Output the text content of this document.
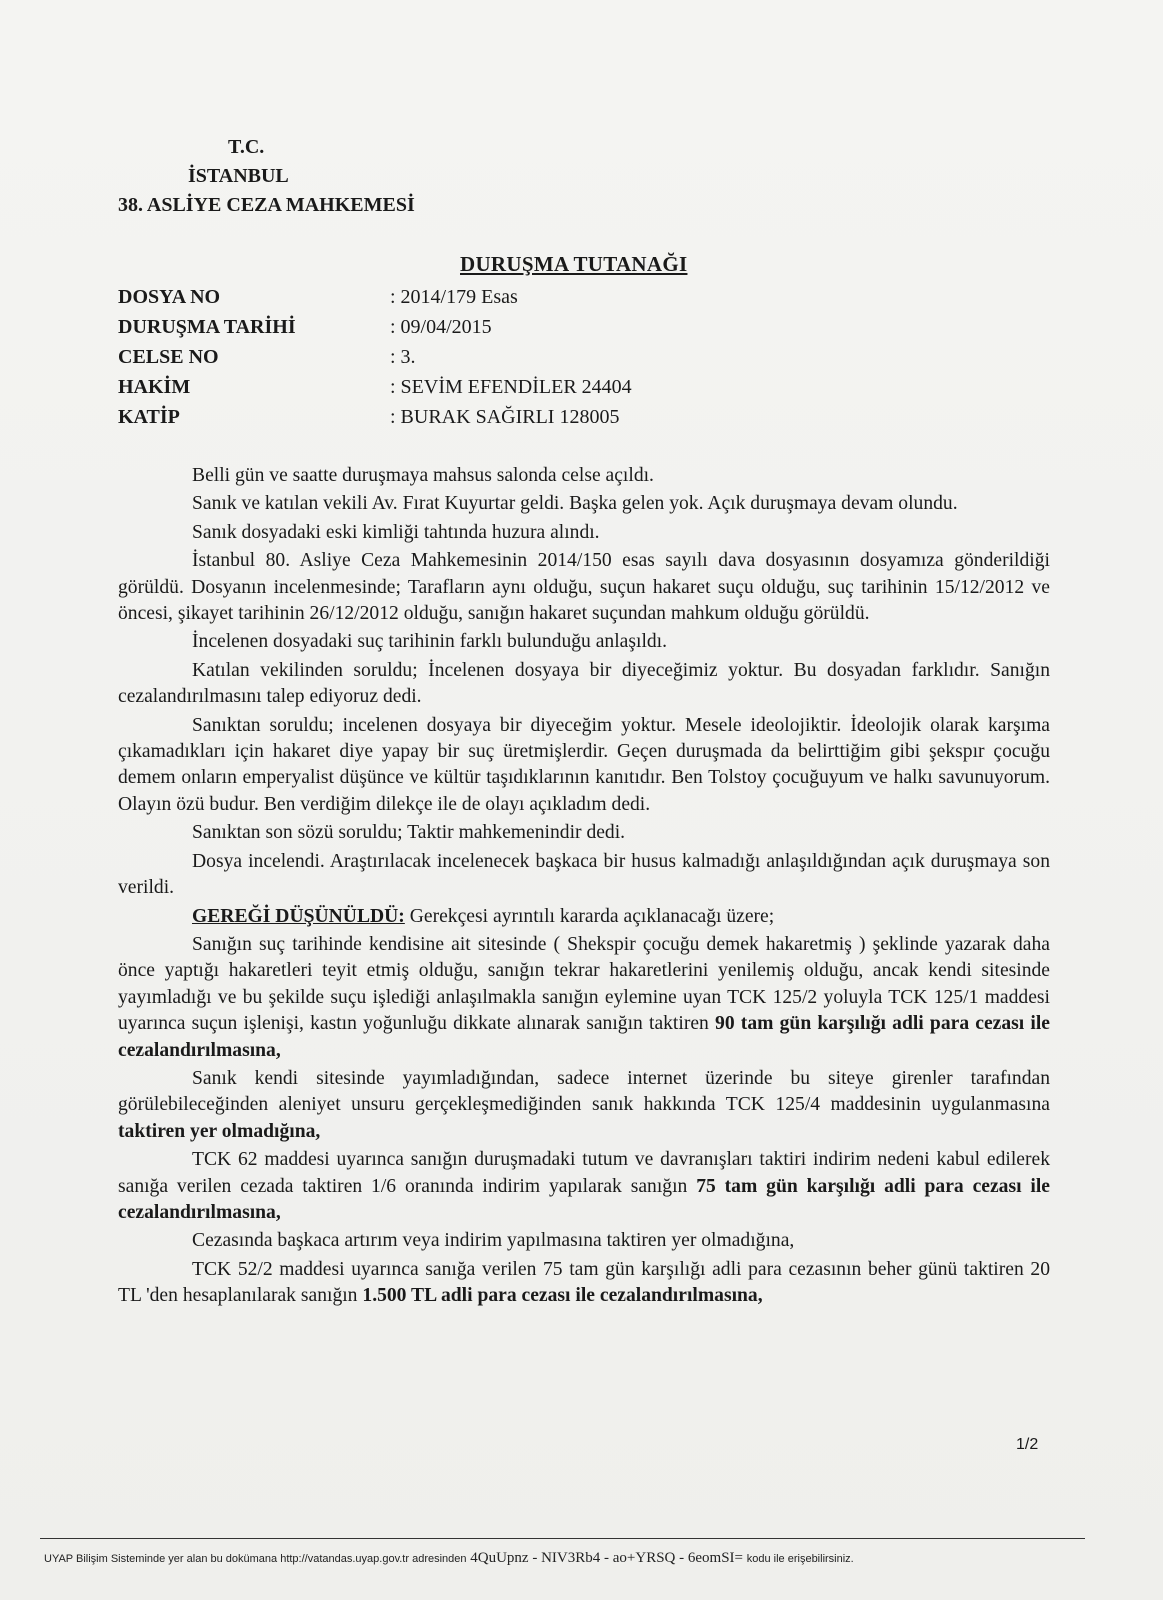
T.C.
İSTANBUL
38. ASLİYE CEZA MAHKEMESİ
DURUŞMA TUTANAĞI
DOSYA NO	: 2014/179 Esas
DURUŞMA TARİHİ	: 09/04/2015
CELSE NO	: 3.
HAKİM	: SEVİM EFENDİLER 24404
KATİP	: BURAK SAĞIRLI 128005

Belli gün ve saatte duruşmaya mahsus salonda celse açıldı.

Sanık ve katılan vekili Av. Fırat Kuyurtar geldi. Başka gelen yok. Açık duruşmaya devam olundu.

Sanık dosyadaki eski kimliği tahtında huzura alındı.

İstanbul 80. Asliye Ceza Mahkemesinin 2014/150 esas sayılı dava dosyasının dosyamıza gönderildiği görüldü. Dosyanın incelenmesinde; Tarafların aynı olduğu, suçun hakaret suçu olduğu, suç tarihinin 15/12/2012 ve öncesi, şikayet tarihinin 26/12/2012 olduğu, sanığın hakaret suçundan mahkum olduğu görüldü.

İncelenen dosyadaki suç tarihinin farklı bulunduğu anlaşıldı.

Katılan vekilinden soruldu; İncelenen dosyaya bir diyeceğimiz yoktur. Bu dosyadan farklıdır. Sanığın cezalandırılmasını talep ediyoruz dedi.

Sanıktan soruldu; incelenen dosyaya bir diyeceğim yoktur. Mesele ideolojiktir. İdeolojik olarak karşıma çıkamadıkları için hakaret diye yapay bir suç üretmişlerdir. Geçen duruşmada da belirttiğim gibi şekspır çocuğu demem onların emperyalist düşünce ve kültür taşıdıklarının kanıtıdır. Ben Tolstoy çocuğuyum ve halkı savunuyorum. Olayın özü budur. Ben verdiğim dilekçe ile de olayı açıkladım dedi.

Sanıktan son sözü soruldu; Taktir mahkemenindir dedi.

Dosya incelendi. Araştırılacak incelenecek başkaca bir husus kalmadığı anlaşıldığından açık duruşmaya son verildi.

GEREĞİ DÜŞÜNÜLDÜ: Gerekçesi ayrıntılı kararda açıklanacağı üzere;

Sanığın suç tarihinde kendisine ait sitesinde ( Shekspir çocuğu demek hakaretmiş ) şeklinde yazarak daha önce yaptığı hakaretleri teyit etmiş olduğu, sanığın tekrar hakaretlerini yenilemiş olduğu, ancak kendi sitesinde yayımladığı ve bu şekilde suçu işlediği anlaşılmakla sanığın eylemine uyan TCK 125/2 yoluyla TCK 125/1 maddesi uyarınca suçun işlenişi, kastın yoğunluğu dikkate alınarak sanığın taktiren 90 tam gün karşılığı adli para cezası ile cezalandırılmasına,

Sanık kendi sitesinde yayımladığından, sadece internet üzerinde bu siteye girenler tarafından görülebileceğinden aleniyet unsuru gerçekleşmediğinden sanık hakkında TCK 125/4 maddesinin uygulanmasına taktiren yer olmadığına,

TCK 62 maddesi uyarınca sanığın duruşmadaki tutum ve davranışları taktiri indirim nedeni kabul edilerek sanığa verilen cezada taktiren 1/6 oranında indirim yapılarak sanığın 75 tam gün karşılığı adli para cezası ile cezalandırılmasına,

Cezasında başkaca artırım veya indirim yapılmasına taktiren yer olmadığına,

TCK 52/2 maddesi uyarınca sanığa verilen 75 tam gün karşılığı adli para cezasının beher günü taktiren 20 TL 'den hesaplanılarak sanığın 1.500 TL adli para cezası ile cezalandırılmasına,

1/2
UYAP Bilişim Sisteminde yer alan bu dokümana http://vatandas.uyap.gov.tr adresinden 4QuUpnz - NIV3Rb4 - ao+YRSQ - 6eomSI= kodu ile erişebilirsiniz.
